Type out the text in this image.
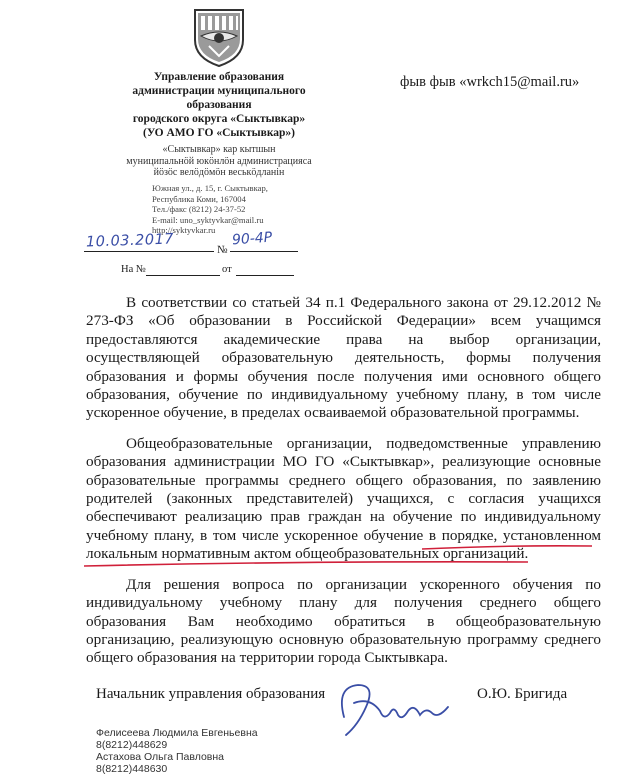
Управление образования
администрации муниципального
образования
городского округа «Сыктывкар»
(УО АМО ГО «Сыктывкар»)
«Сыктывкар» кар кытшын
муниципальнӧй юкӧнлӧн администрацияса
йӧзӧс велӧдӧмӧн веськӧдланін
Южная ул., д. 15, г. Сыктывкар,
Республика Коми, 167004
Тел./факс (8212) 24-37-52
E-mail: uno_syktyvkar@mail.ru
http://syktyvkar.ru
фыв фыв «wrkch15@mail.ru»
10.03.2017	№
90-4P
На №	от

В соответствии со статьей 34 п.1 Федерального закона от 29.12.2012 № 273-ФЗ «Об образовании в Российской Федерации» всем учащимся предоставляются академические права на выбор организации, осуществляющей образовательную деятельность, формы получения образования и формы обучения после получения ими основного общего образования, обучение по индивидуальному учебному плану, в том числе ускоренное обучение, в пределах осваиваемой образовательной программы.

Общеобразовательные организации, подведомственные управлению образования администрации МО ГО «Сыктывкар», реализующие основные образовательные программы среднего общего образования, по заявлению родителей (законных представителей) учащихся, с согласия учащихся обеспечивают реализацию прав граждан на обучение по индивидуальному учебному плану, в том числе ускоренное обучение в порядке, установленном локальным нормативным актом общеобразовательных организаций.

Для решения вопроса по организации ускоренного обучения по индивидуальному учебному плану для получения среднего общего образования Вам необходимо обратиться в общеобразовательную организацию, реализующую основную образовательную программу среднего общего образования на территории города Сыктывкара.

Начальник управления образования	О.Ю. Бригида
Фелисеева Людмила Евгеньевна
8(8212)448629
Астахова Ольга Павловна
8(8212)448630
